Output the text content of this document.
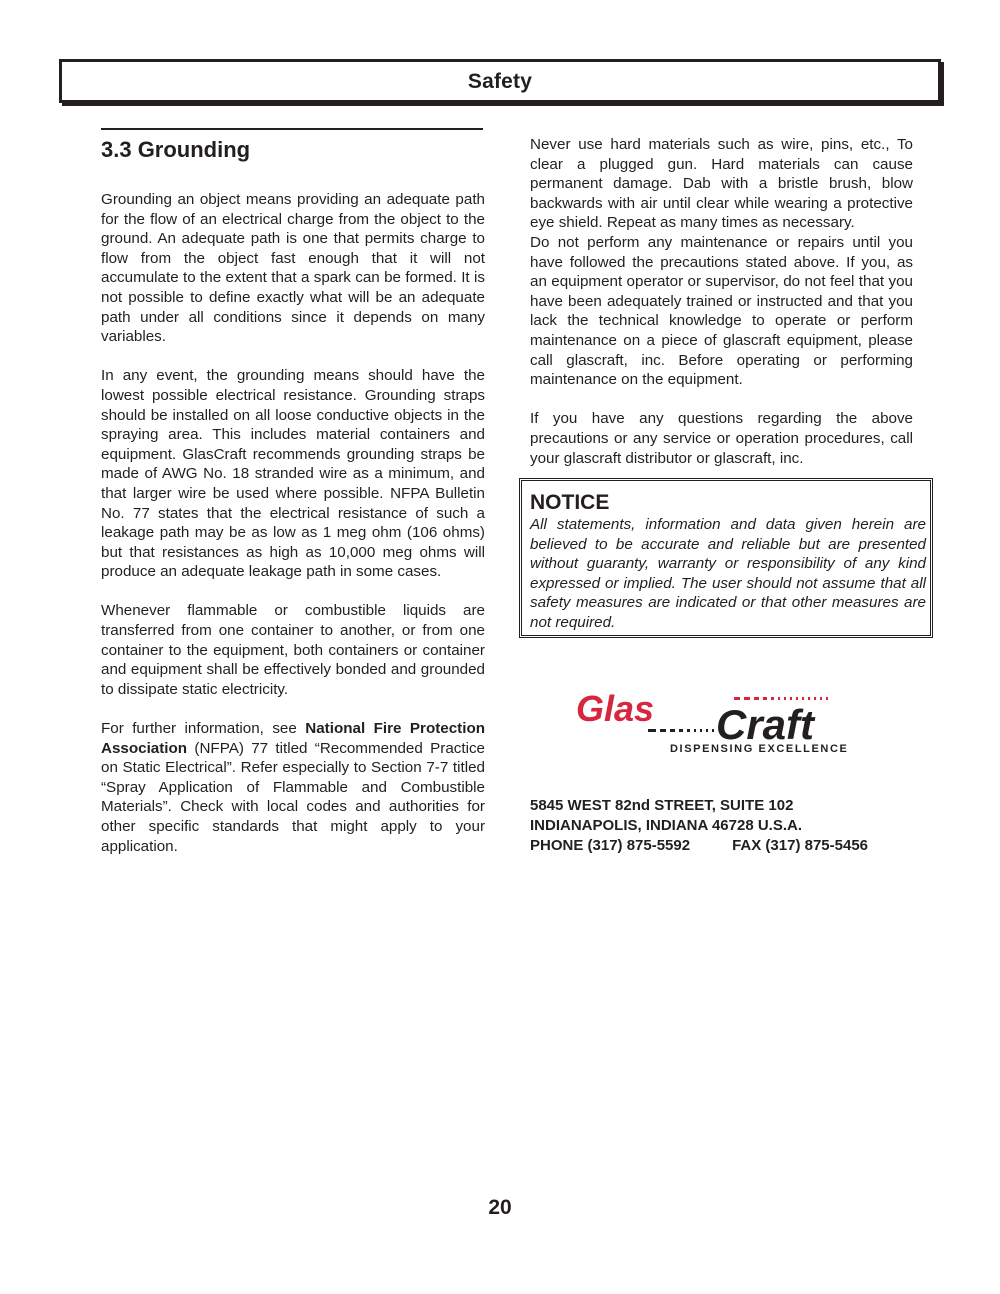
Safety
3.3 Grounding

Grounding an object means providing an adequate path for the flow of an electrical charge from the object to the ground. An adequate path is one that permits charge to flow from the object fast enough that it will not accumulate to the extent that a spark can be formed. It is not possible to define exactly what will be an adequate path under all conditions since it depends on many variables.

In any event, the grounding means should have the lowest possible electrical resistance. Grounding straps should be installed on all loose conductive objects in the spraying area. This includes material containers and equipment. GlasCraft recommends grounding straps be made of AWG No. 18 stranded wire as a minimum, and that larger wire be used where possible. NFPA Bulletin No. 77 states that the electrical resistance of such a leakage path may be as low as 1 meg ohm (106 ohms) but that resistances as high as 10,000 meg ohms will produce an adequate leakage path in some cases.

Whenever flammable or combustible liquids are transferred from one container to another, or from one container to the equipment, both containers or container and equipment shall be effectively bonded and grounded to dissipate static electricity.

For further information, see National Fire Protection Association (NFPA) 77 titled “Recommended Practice on Static Electrical”. Refer especially to Section 7-7 titled “Spray Application of Flammable and Combustible Materials”. Check with local codes and authorities for other specific standards that might apply to your application.

Never use hard materials such as wire, pins, etc., To clear a plugged gun. Hard materials can cause permanent damage. Dab with a bristle brush, blow backwards with air until clear while wearing a protective eye shield. Repeat as many times as necessary.

Do not perform any maintenance or repairs until you have followed the precautions stated above. If you, as an equipment operator or supervisor, do not feel that you have been adequately trained or instructed and that you lack the technical knowledge to operate or perform maintenance on a piece of glascraft equipment, please call glascraft, inc. Before operating or performing maintenance on the equipment.

If you have any questions regarding the above precautions or any service or operation procedures, call your glascraft distributor or glascraft, inc.

NOTICE

All statements, information and data given herein are believed to be accurate and reliable but are presented without guaranty, warranty or responsibility of any kind expressed or implied. The user should not assume that all safety measures are indicated or that other measures are not required.

Glas Craft
DISPENSING EXCELLENCE
5845 WEST 82nd STREET, SUITE 102
INDIANAPOLIS, INDIANA 46728 U.S.A.
PHONE (317) 875-5592	FAX (317) 875-5456
20
